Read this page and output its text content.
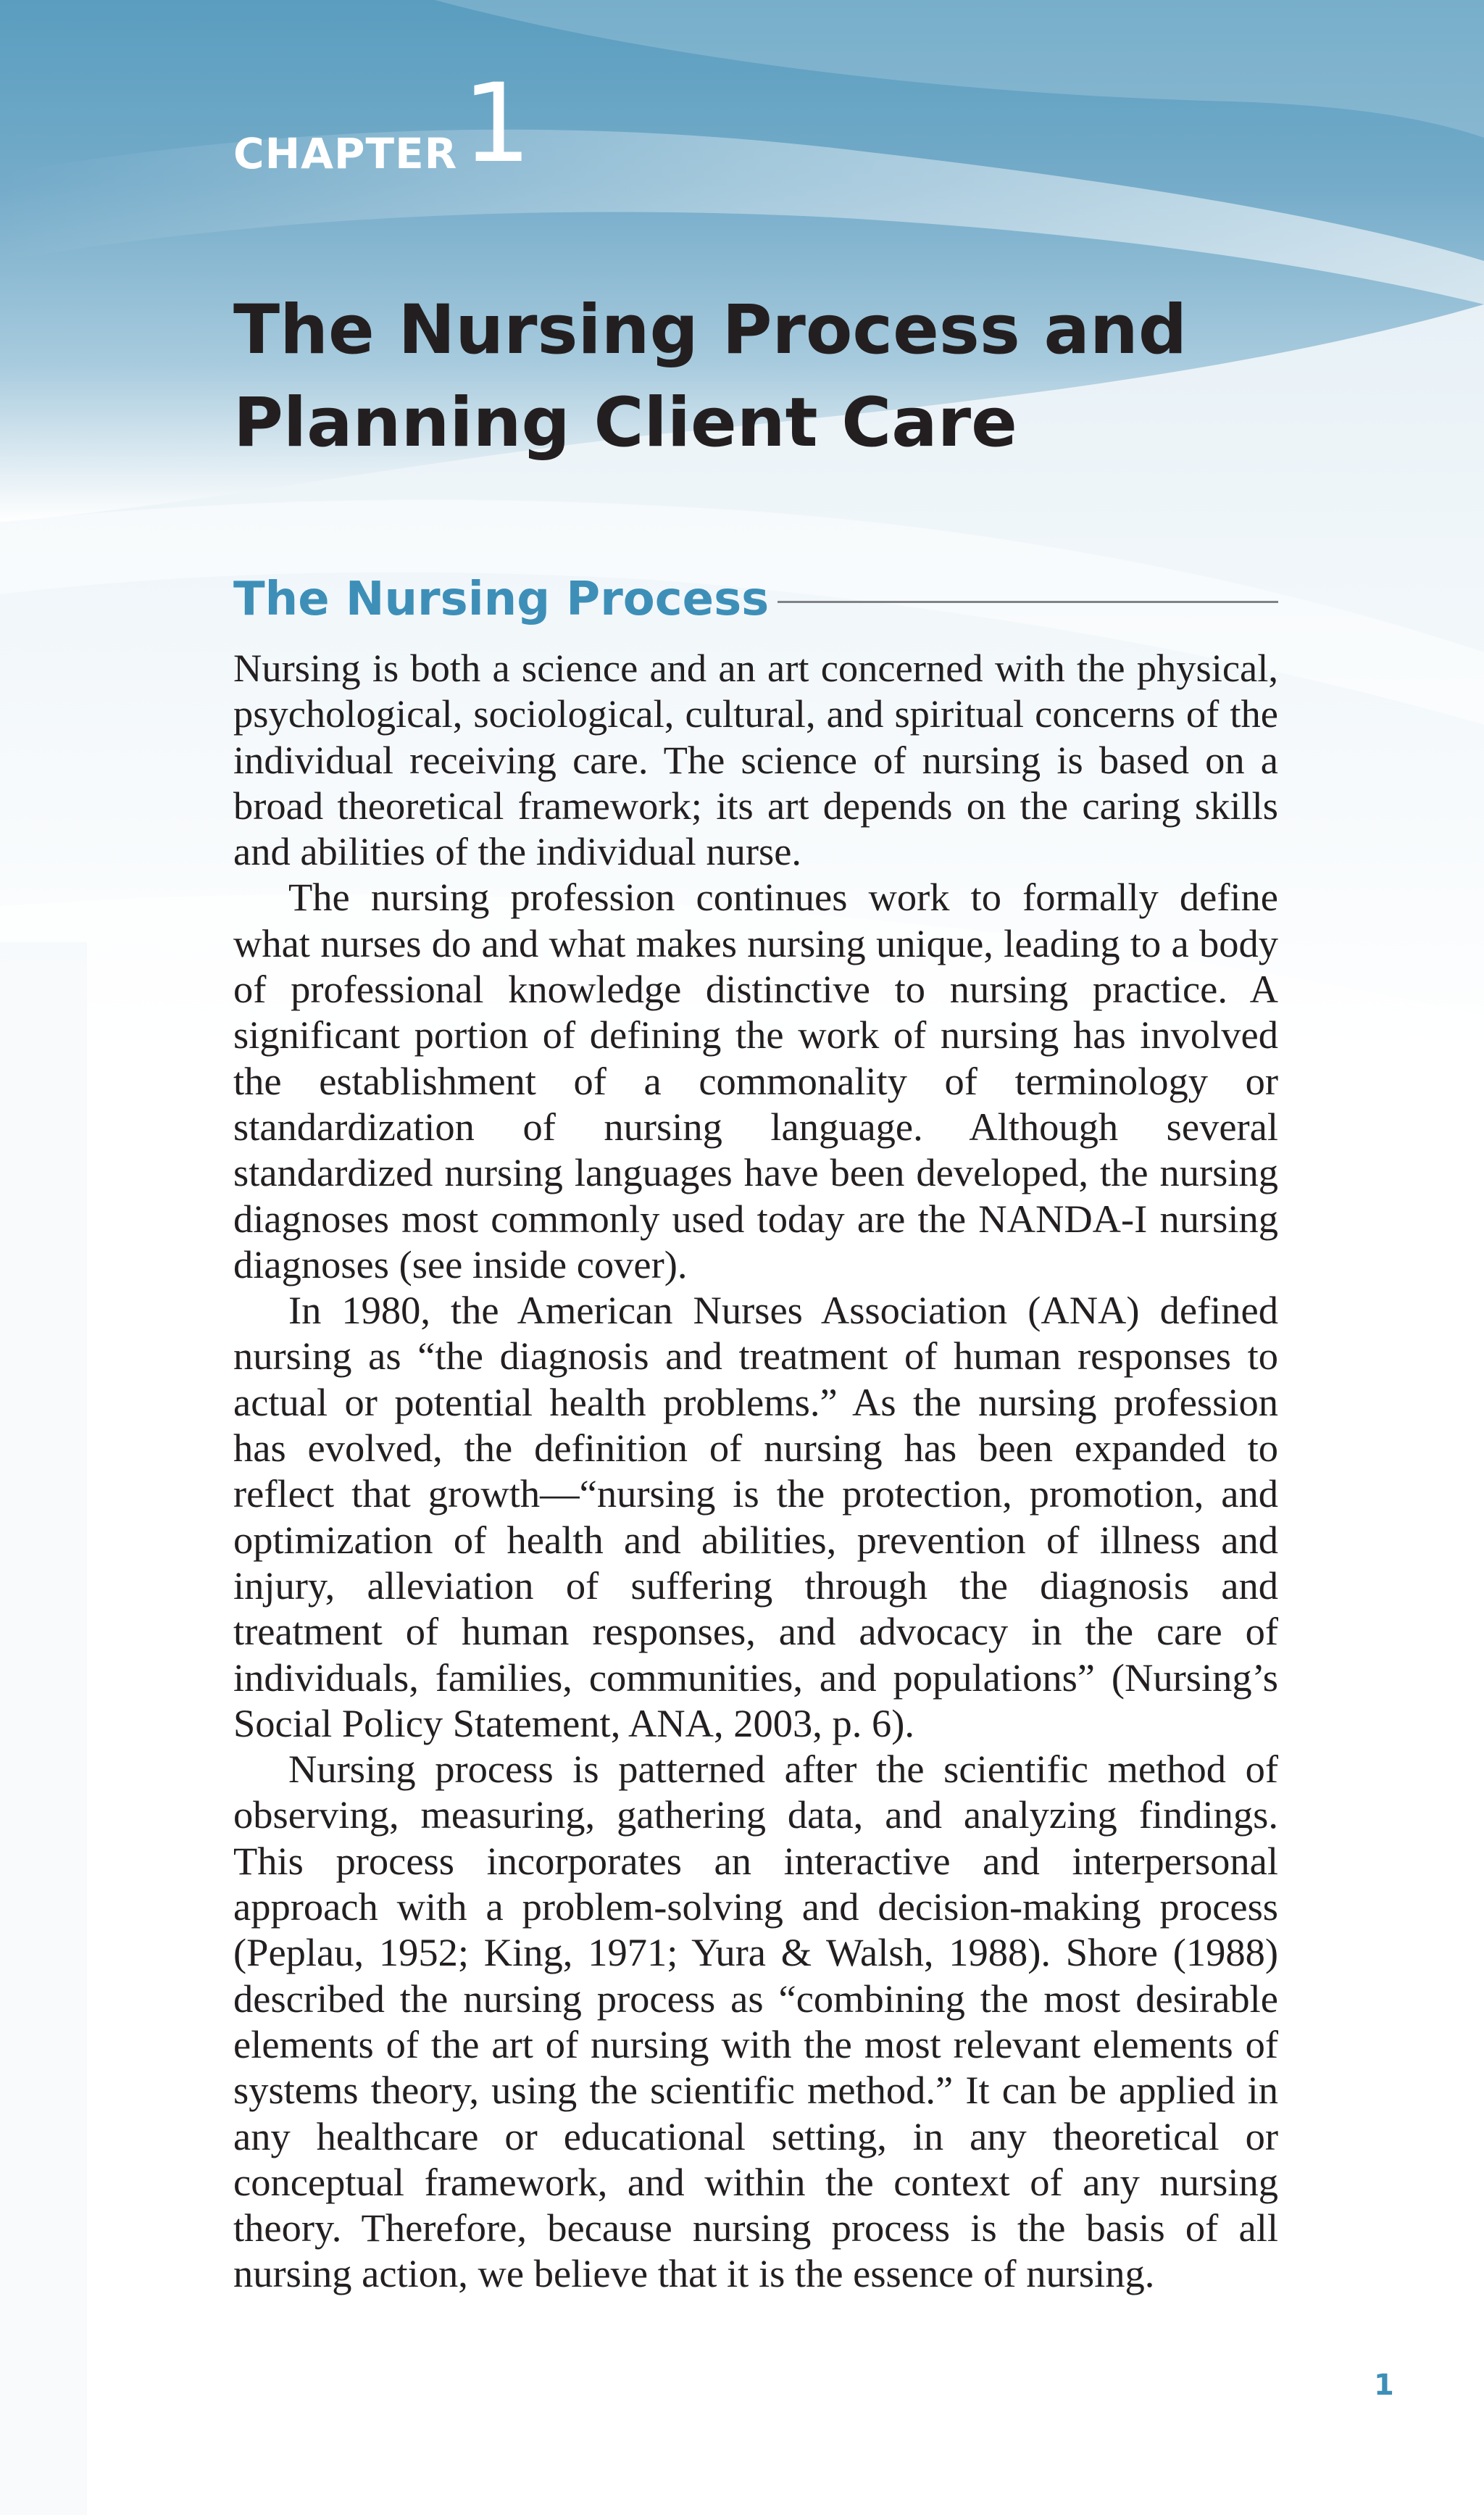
CHAPTER 1
The Nursing Process and
Planning Client Care
The Nursing Process

Nursing is both a science and an art concerned with the physical, psychological, sociological, cultural, and spiritual concerns of the individual receiving care. The science of nursing is based on a broad theoretical framework; its art depends on the caring skills and abilities of the individual nurse.

The nursing profession continues work to formally define what nurses do and what makes nursing unique, leading to a body of professional knowledge distinctive to nursing practice. A significant portion of defining the work of nursing has involved the establishment of a commonality of terminology or standardization of nursing language. Although several standardized nursing languages have been developed, the nursing diagnoses most commonly used today are the NANDA-I nursing diagnoses (see inside cover).

In 1980, the American Nurses Association (ANA) defined nursing as “the diagnosis and treatment of human responses to actual or potential health problems.” As the nursing profession has evolved, the definition of nursing has been expanded to reflect that growth—“nursing is the protection, promotion, and optimization of health and abilities, prevention of illness and injury, alleviation of suffering through the diagnosis and treatment of human responses, and advocacy in the care of individuals, families, communities, and populations” (Nursing’s Social Policy Statement, ANA, 2003, p. 6).

Nursing process is patterned after the scientific method of observing, measuring, gathering data, and analyzing findings. This process incorporates an interactive and interpersonal approach with a problem-solving and decision-making process (Peplau, 1952; King, 1971; Yura & Walsh, 1988). Shore (1988) described the nursing process as “combining the most desirable elements of the art of nursing with the most relevant elements of systems theory, using the scientific method.” It can be applied in any healthcare or educational setting, in any theoretical or conceptual framework, and within the context of any nursing theory. Therefore, because nursing process is the basis of all nursing action, we believe that it is the essence of nursing.

1
